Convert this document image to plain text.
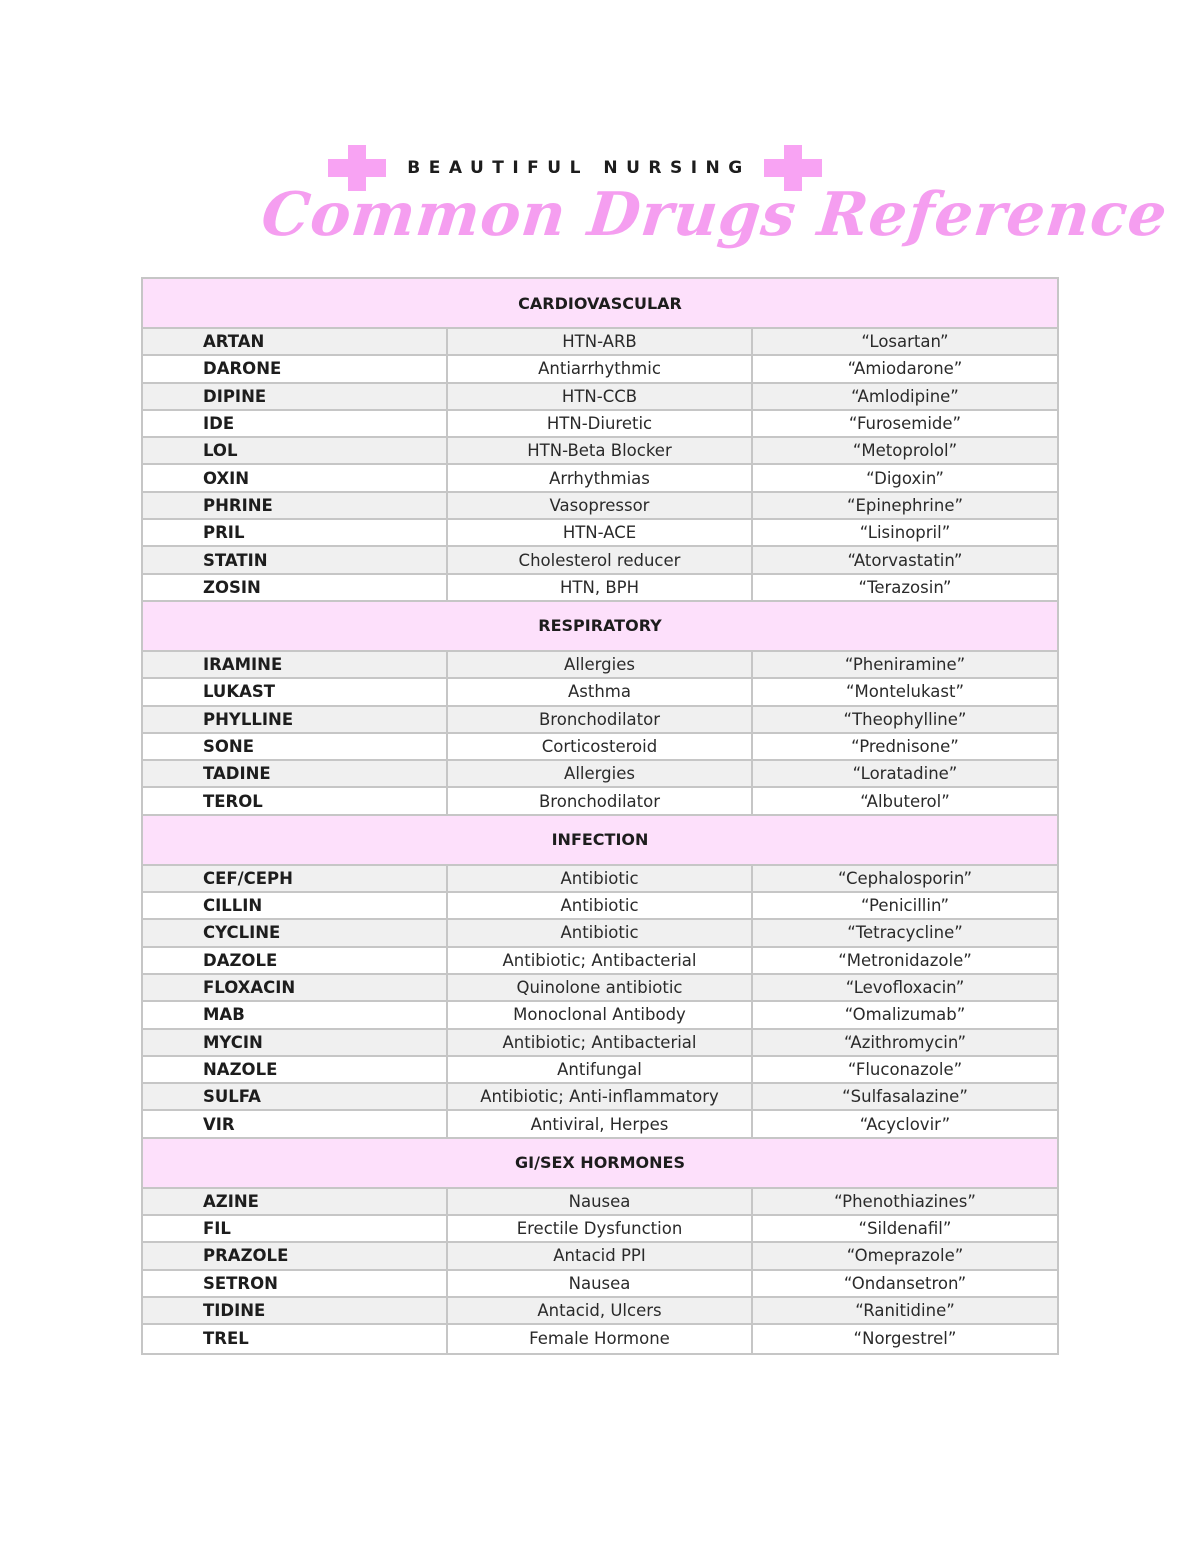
BEAUTIFUL NURSING
Common Drugs Reference
CARDIOVASCULAR
ARTAN	HTN-ARB	“Losartan”
DARONE	Antiarrhythmic	“Amiodarone”
DIPINE	HTN-CCB	“Amlodipine”
IDE	HTN-Diuretic	“Furosemide”
LOL	HTN-Beta Blocker	“Metoprolol”
OXIN	Arrhythmias	“Digoxin”
PHRINE	Vasopressor	“Epinephrine”
PRIL	HTN-ACE	“Lisinopril”
STATIN	Cholesterol reducer	“Atorvastatin”
ZOSIN	HTN, BPH	“Terazosin”
RESPIRATORY
IRAMINE	Allergies	“Pheniramine”
LUKAST	Asthma	“Montelukast”
PHYLLINE	Bronchodilator	“Theophylline”
SONE	Corticosteroid	“Prednisone”
TADINE	Allergies	“Loratadine”
TEROL	Bronchodilator	“Albuterol”
INFECTION
CEF/CEPH	Antibiotic	“Cephalosporin”
CILLIN	Antibiotic	“Penicillin”
CYCLINE	Antibiotic	“Tetracycline”
DAZOLE	Antibiotic; Antibacterial	“Metronidazole”
FLOXACIN	Quinolone antibiotic	“Levofloxacin”
MAB	Monoclonal Antibody	“Omalizumab”
MYCIN	Antibiotic; Antibacterial	“Azithromycin”
NAZOLE	Antifungal	“Fluconazole”
SULFA	Antibiotic; Anti-inflammatory	“Sulfasalazine”
VIR	Antiviral, Herpes	“Acyclovir”
GI/SEX HORMONES
AZINE	Nausea	“Phenothiazines”
FIL	Erectile Dysfunction	“Sildenafil”
PRAZOLE	Antacid PPI	“Omeprazole”
SETRON	Nausea	“Ondansetron”
TIDINE	Antacid, Ulcers	“Ranitidine”
TREL	Female Hormone	“Norgestrel”
